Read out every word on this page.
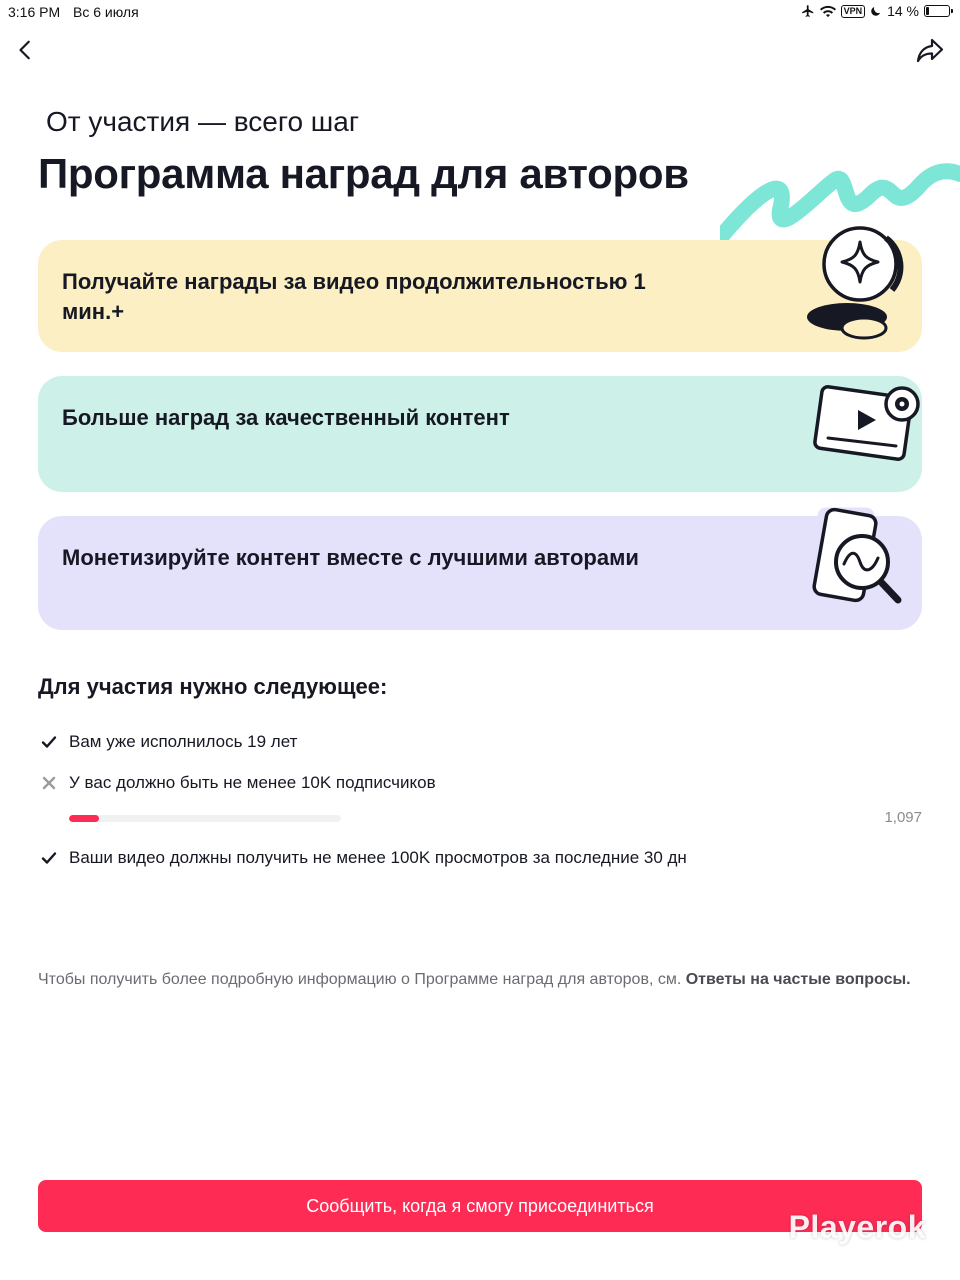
3:16 PM Вс 6 июля	VPN 14 %
От участия — всего шаг
Программа наград для авторов
Получайте награды за видео продолжительностью 1 мин.+
Больше наград за качественный контент
Монетизируйте контент вместе с лучшими авторами
Для участия нужно следующее:
Вам уже исполнилось 19 лет
У вас должно быть не менее 10K подписчиков
1,097
Ваши видео должны получить не менее 100K просмотров за последние 30 дн
Чтобы получить более подробную информацию о Программе наград для авторов, см. Ответы на частые вопросы.
Сообщить, когда я смогу присоединиться
Playerok
